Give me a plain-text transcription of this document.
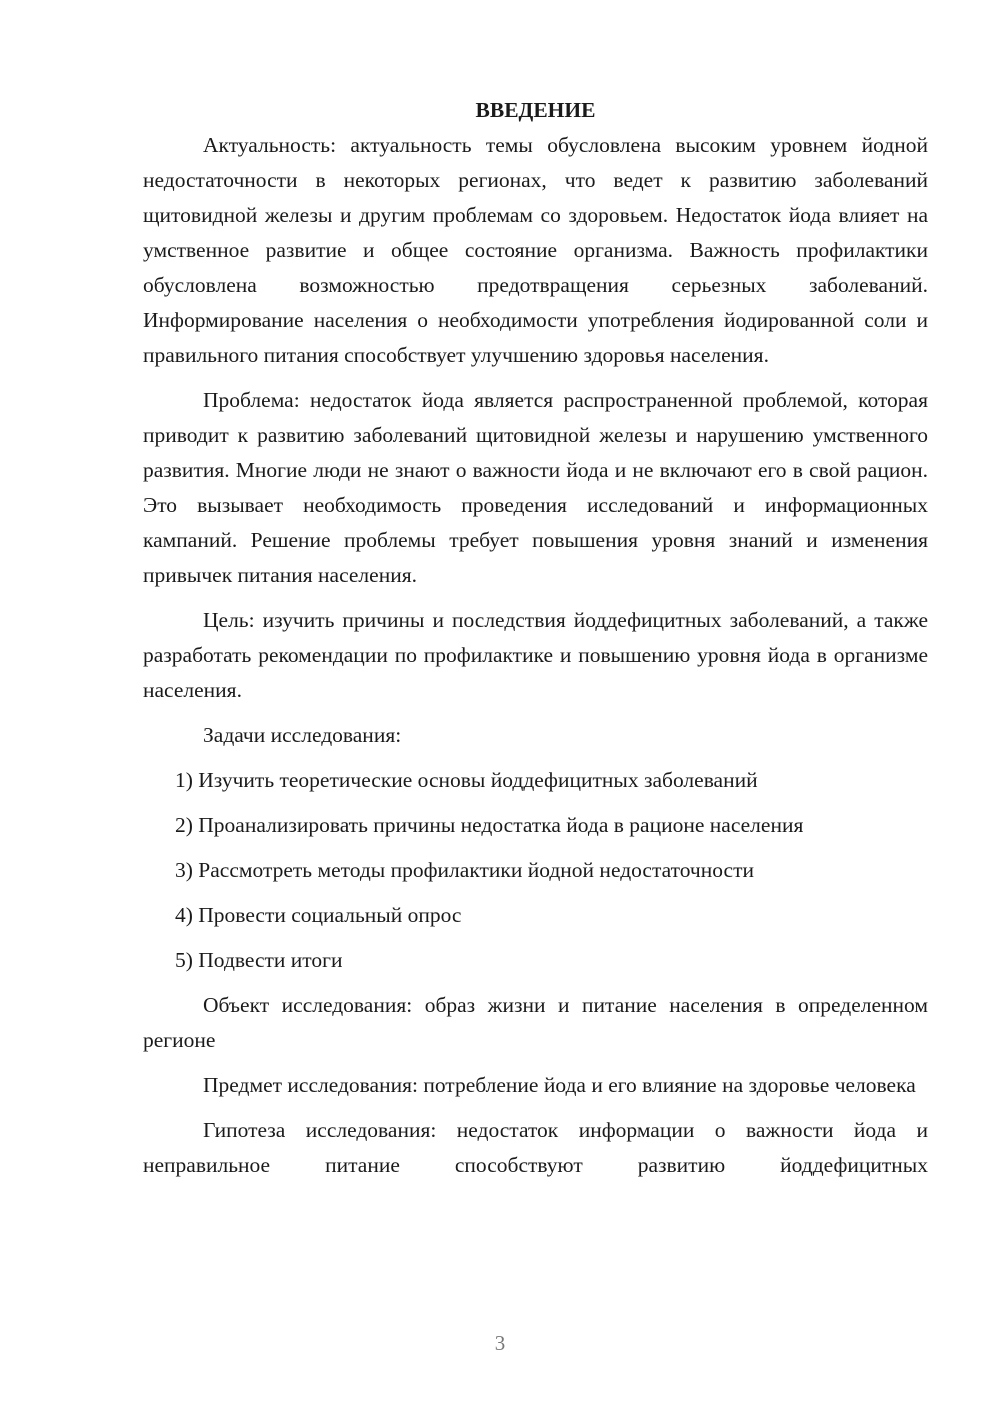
ВВЕДЕНИЕ

Актуальность: актуальность темы обусловлена высоким уровнем йодной недостаточности в некоторых регионах, что ведет к развитию заболеваний щитовидной железы и другим проблемам со здоровьем. Недостаток йода влияет на умственное развитие и общее состояние организма. Важность профилактики обусловлена возможностью предотвращения серьезных заболеваний. Информирование населения о необходимости употребления йодированной соли и правильного питания способствует улучшению здоровья населения.

Проблема: недостаток йода является распространенной проблемой, которая приводит к развитию заболеваний щитовидной железы и нарушению умственного развития. Многие люди не знают о важности йода и не включают его в свой рацион. Это вызывает необходимость проведения исследований и информационных кампаний. Решение проблемы требует повышения уровня знаний и изменения привычек питания населения.

Цель: изучить причины и последствия йоддефицитных заболеваний, а также разработать рекомендации по профилактике и повышению уровня йода в организме населения.

Задачи исследования:

1) Изучить теоретические основы йоддефицитных заболеваний

2) Проанализировать причины недостатка йода в рационе населения

3) Рассмотреть методы профилактики йодной недостаточности

4) Провести социальный опрос

5) Подвести итоги

Объект исследования: образ жизни и питание населения в определенном регионе

Предмет исследования: потребление йода и его влияние на здоровье человека

Гипотеза исследования: недостаток информации о важности йода и неправильное питание способствуют развитию йоддефицитных

3
